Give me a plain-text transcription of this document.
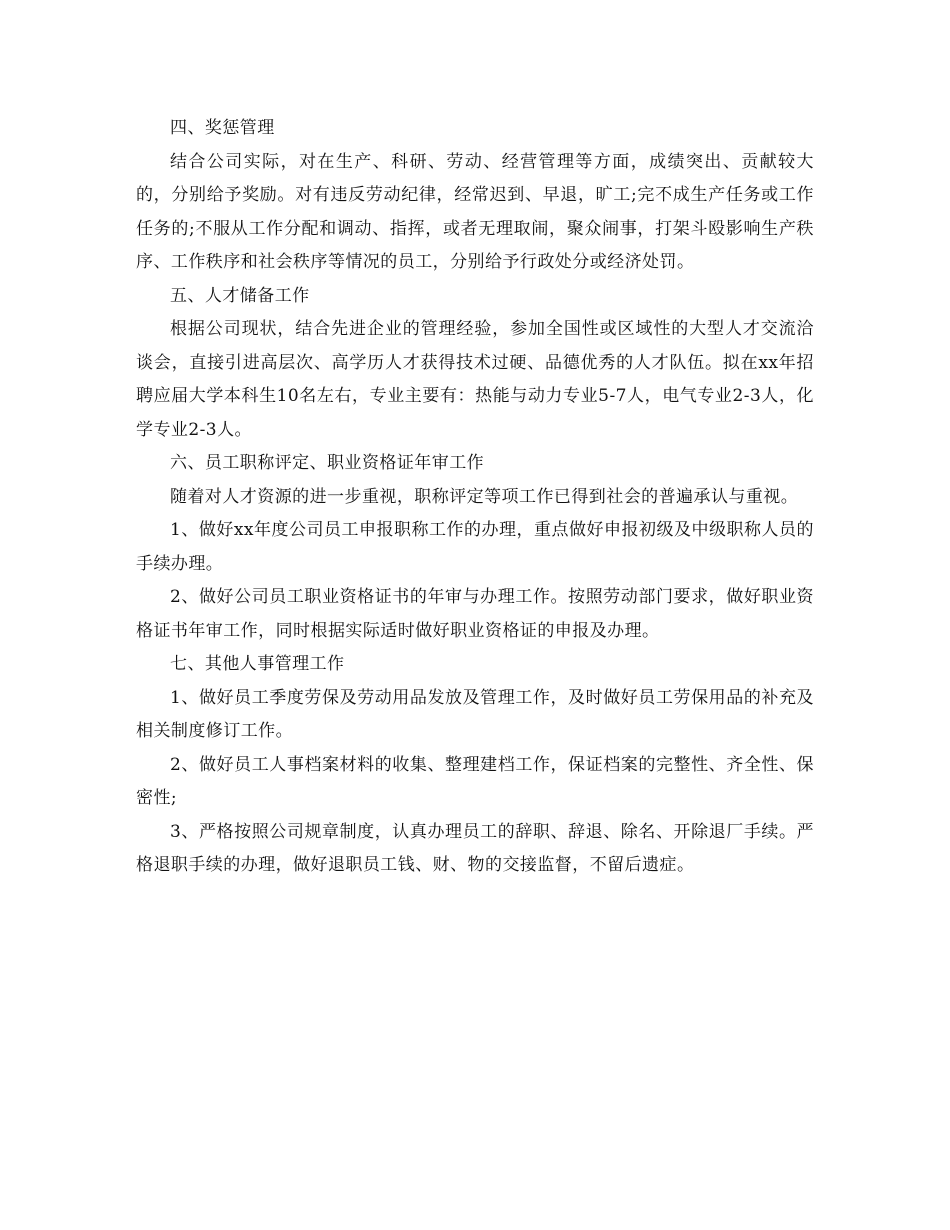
四、奖惩管理

结合公司实际，对在生产、科研、劳动、经营管理等方面，成绩突出、贡献较大的，分别给予奖励。对有违反劳动纪律，经常迟到、早退，旷工;完不成生产任务或工作任务的;不服从工作分配和调动、指挥，或者无理取闹，聚众闹事，打架斗殴影响生产秩序、工作秩序和社会秩序等情况的员工，分别给予行政处分或经济处罚。

五、人才储备工作

根据公司现状，结合先进企业的管理经验，参加全国性或区域性的大型人才交流洽谈会，直接引进高层次、高学历人才获得技术过硬、品德优秀的人才队伍。拟在xx年招聘应届大学本科生10名左右，专业主要有：热能与动力专业5-7人，电气专业2-3人，化学专业2-3人。

六、员工职称评定、职业资格证年审工作

随着对人才资源的进一步重视，职称评定等项工作已得到社会的普遍承认与重视。

1、做好xx年度公司员工申报职称工作的办理，重点做好申报初级及中级职称人员的手续办理。

2、做好公司员工职业资格证书的年审与办理工作。按照劳动部门要求，做好职业资格证书年审工作，同时根据实际适时做好职业资格证的申报及办理。

七、其他人事管理工作

1、做好员工季度劳保及劳动用品发放及管理工作，及时做好员工劳保用品的补充及相关制度修订工作。

2、做好员工人事档案材料的收集、整理建档工作，保证档案的完整性、齐全性、保密性;

3、严格按照公司规章制度，认真办理员工的辞职、辞退、除名、开除退厂手续。严格退职手续的办理，做好退职员工钱、财、物的交接监督，不留后遗症。
